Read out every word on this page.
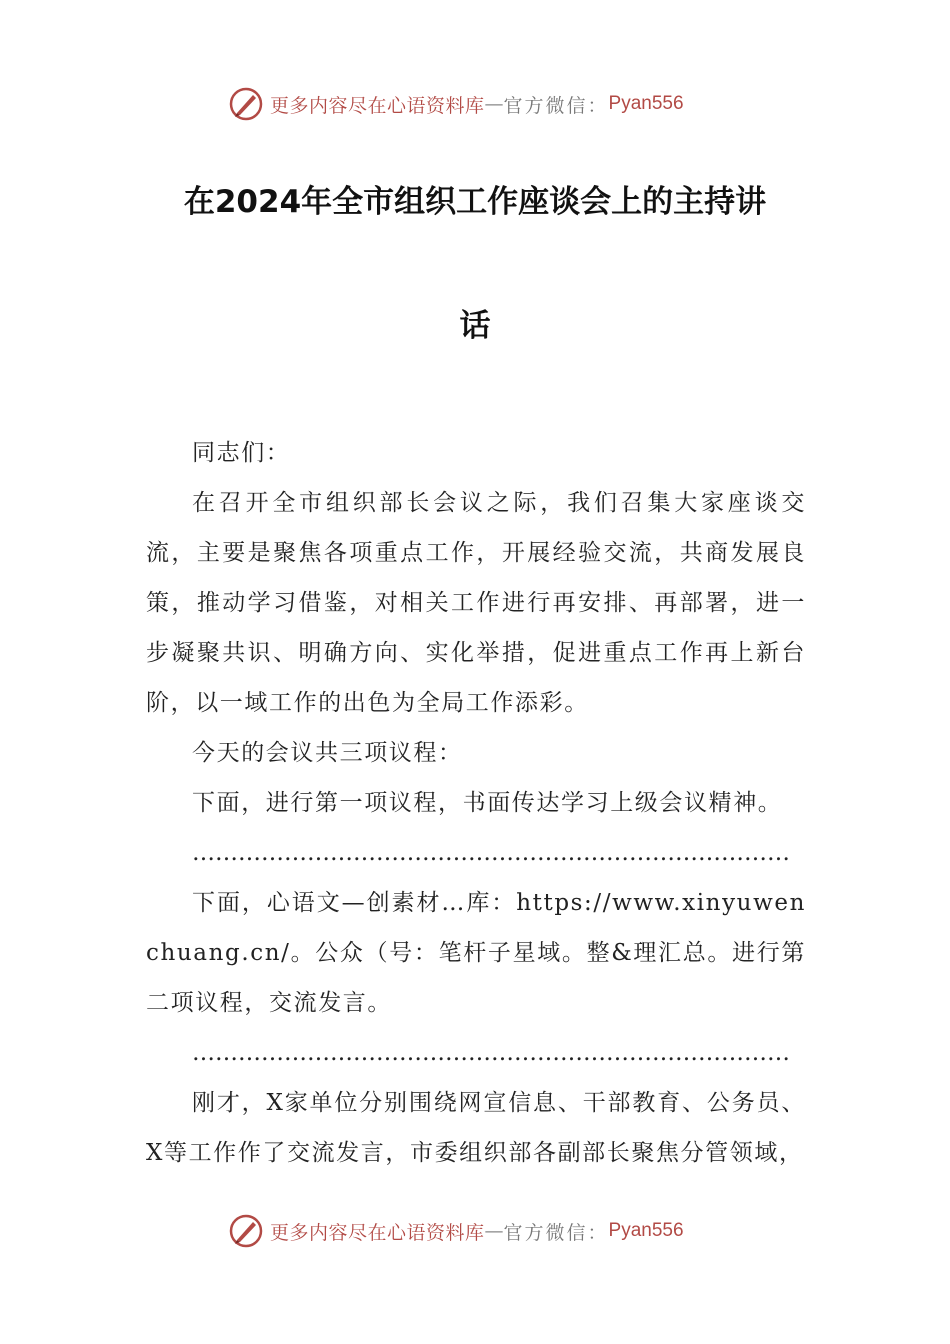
更多内容尽在心语资料库 — 官方微信： Pyan556
在2024年全市组织工作座谈会上的主持讲
话

同志们：

在召开全市组织部长会议之际，我们召集大家座谈交流，主要是聚焦各项重点工作，开展经验交流，共商发展良策，推动学习借鉴，对相关工作进行再安排、再部署，进一步凝聚共识、明确方向、实化举措，促进重点工作再上新台阶，以一域工作的出色为全局工作添彩。

今天的会议共三项议程：

下面，进行第一项议程，书面传达学习上级会议精神。

……………………………………………………………………

下面，心语文—创素材…库：https://www.xinyuwenchuang.cn/。公众（号：笔杆子星域。整&理汇总。进行第二项议程，交流发言。

……………………………………………………………………

刚才，X家单位分别围绕网宣信息、干部教育、公务员、X等工作作了交流发言，市委组织部各副部长聚焦分管领域，

更多内容尽在心语资料库 — 官方微信： Pyan556
